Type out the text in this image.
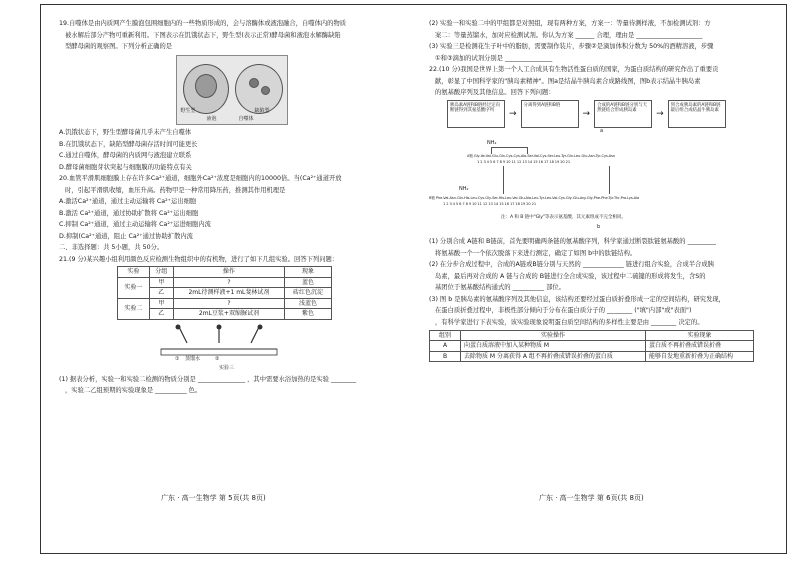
19.自噬体是由内质网产生膜泡包围细胞内的一些物质形成的，会与溶酶体或液泡融合，自噬体内的物质

被水解后部分产物可重新利用。下图表示在饥饿状态下，野生型(表示正常)酵母菌和液泡水解酶缺陷

型酵母菌的观察图。下列分析正确的是

野生型
液泡
缺陷型
自噬体

A.饥饿状态下，野生型酵母菌几乎未产生自噬体

B.在饥饿状态下，缺陷型酵母菌存活时间可能更长

C.通过自噬体，酵母菌的内质网与液泡建立联系

D.酵母菌细胞芽状突起与细胞膜的功能特点有关

20.血管平滑肌细胞膜上存在许多Ca²⁺通道，细胞外Ca²⁺浓度是细胞内的10000倍。当(Ca²⁺通道开放

时，引起平滑肌收缩，血压升高。药物甲是一种常用降压药，推测其作用机理是

A.激活Ca²⁺通道，通过主动运输将 Ca²⁺运出细胞

B.激活 Ca²⁺通道，通过协助扩散将 Ca²⁺运出细胞

C.抑制 Ca²⁺通道，通过主动运输将 Ca²⁺运进细胞内流

D.抑制(Ca²⁺通道，阻止 Ca²⁺通过协助扩散内流

二、非选择题：共 5小题，共 50分。

21.(9 分)某兴趣小组利用颜色反应检测生物组织中的有机物，进行了如下几组实验。回答下列问题：

实验	分组	操作	现象
实验一	甲	?	蓝色
	乙	2mL待测样液+1 mL斐林试剂	砖红色沉淀
实验二	甲	?	浅蓝色
	乙	2mL豆浆+双缩脲试剂	紫色
① 蒸馏水	②
实验三

(1) 据表分析，实验一和实验二检测的物质分别是 _______________ ，其中需要水浴加热的是实验 ________

，实验二乙组预期的实验现象是 __________ 色。

(2) 实验一和实验二中的甲组都是对照组，现有两种方案，方案一：等量待测样液，不加检测试剂：方

案二：等量蒸馏水，加对应检测试剂。你认为方案 ______ 合理，理由是 _____________________

(3) 实验三是检测花生子叶中的脂肪，需要制作装片，步骤②是滴加体积分数为 50%的酒精溶液，步骤

①和③滴加的试剂分别是 _______________

22.(10 分)我国是世界上第一个人工合成具有生物活性蛋白质的国家，为蛋白质结构的研究作出了重要贡

献，彰显了中国科学家的"胰岛素精神"。图a是结晶牛胰岛素合成路线图，图b表示结晶牛胰岛素

的氨基酸序列及其他信息。回答下列问题：

胰岛素A链和B链经过定向断链得到其氨基酸序列	→
分离得到A链和B链
→
合成的A链和B链分别与天然链结合形成胰岛素	→
到合成胰岛素的A链和B链最后组合成结晶牛胰岛素
a
NH₂
A链 Gly-Ile-Val-Glu-Gln-Cys-Cys-Ala-Ser-Val-Cys-Ser-Leu-Tyr-Gln-Leu-Glu-Asn-Tyr-Cys-Asn
1 2 3 4 5 6 7 8 9 10 11 12 13 14 15 16 17 18 19 20 21
NH₂
B链 Phe-Val-Asn-Gln-His-Leu-Cys-Gly-Ser-His-Leu-Val-Glu-Ala-Leu-Tyr-Leu-Val-Cys-Gly-Glu-Arg-Gly-Phe-Phe-Tyr-Thr-Pro-Lys-Ala
1 2 3 4 5 6 7 8 9 10 11 12 13 14 15 16 17 18 19 20 21
注：A 和 B 链中"Gly"等表示氨基酸，其元素组成不完全相同。
b

(1) 分别合成 A链和 B链前，首先要明确两条链的氨基酸序列，科学家通过断裂肽链氨基酸的 _________

将氨基酸一个一个依次脱落下来进行测定，确定了如图 b中的肽链结构。

(2) 在分步合成过程中，合成的A链或B链分别与天然的 _____________ 链进行组合实验，合成半合成胰

岛素，最后再对合成的 A 链与合成的 B链进行全合成实验，该过程中二硫键的形成将发生，含S的

基团位于氨基酸结构通式的 __________ 部位。

(3) 图 b 是胰岛素的氨基酸序列及其他信息，该结构还要经过蛋白质折叠形成一定的空间结构，研究发现，

在蛋白质折叠过程中，非极性部分倾向于分布在蛋白质分子的 ________ ("填"内部"或"表面")

，有科学家进行下表实验，该实验现象说明蛋白质空间结构的多样性主要是由 ________ 决定的。

组别	实验操作	实验现象
A	向蛋白质溶液中加入某种物质 M	蛋白质不再折叠成错误折叠
B	去除物质 M 分离获得 A 组不再折叠成错误折叠的蛋白质	能够自发地重新折叠为正确结构
广东 · 高一生物学 第 5页(共 8页)	广东 · 高一生物学 第 6页(共 8页)
